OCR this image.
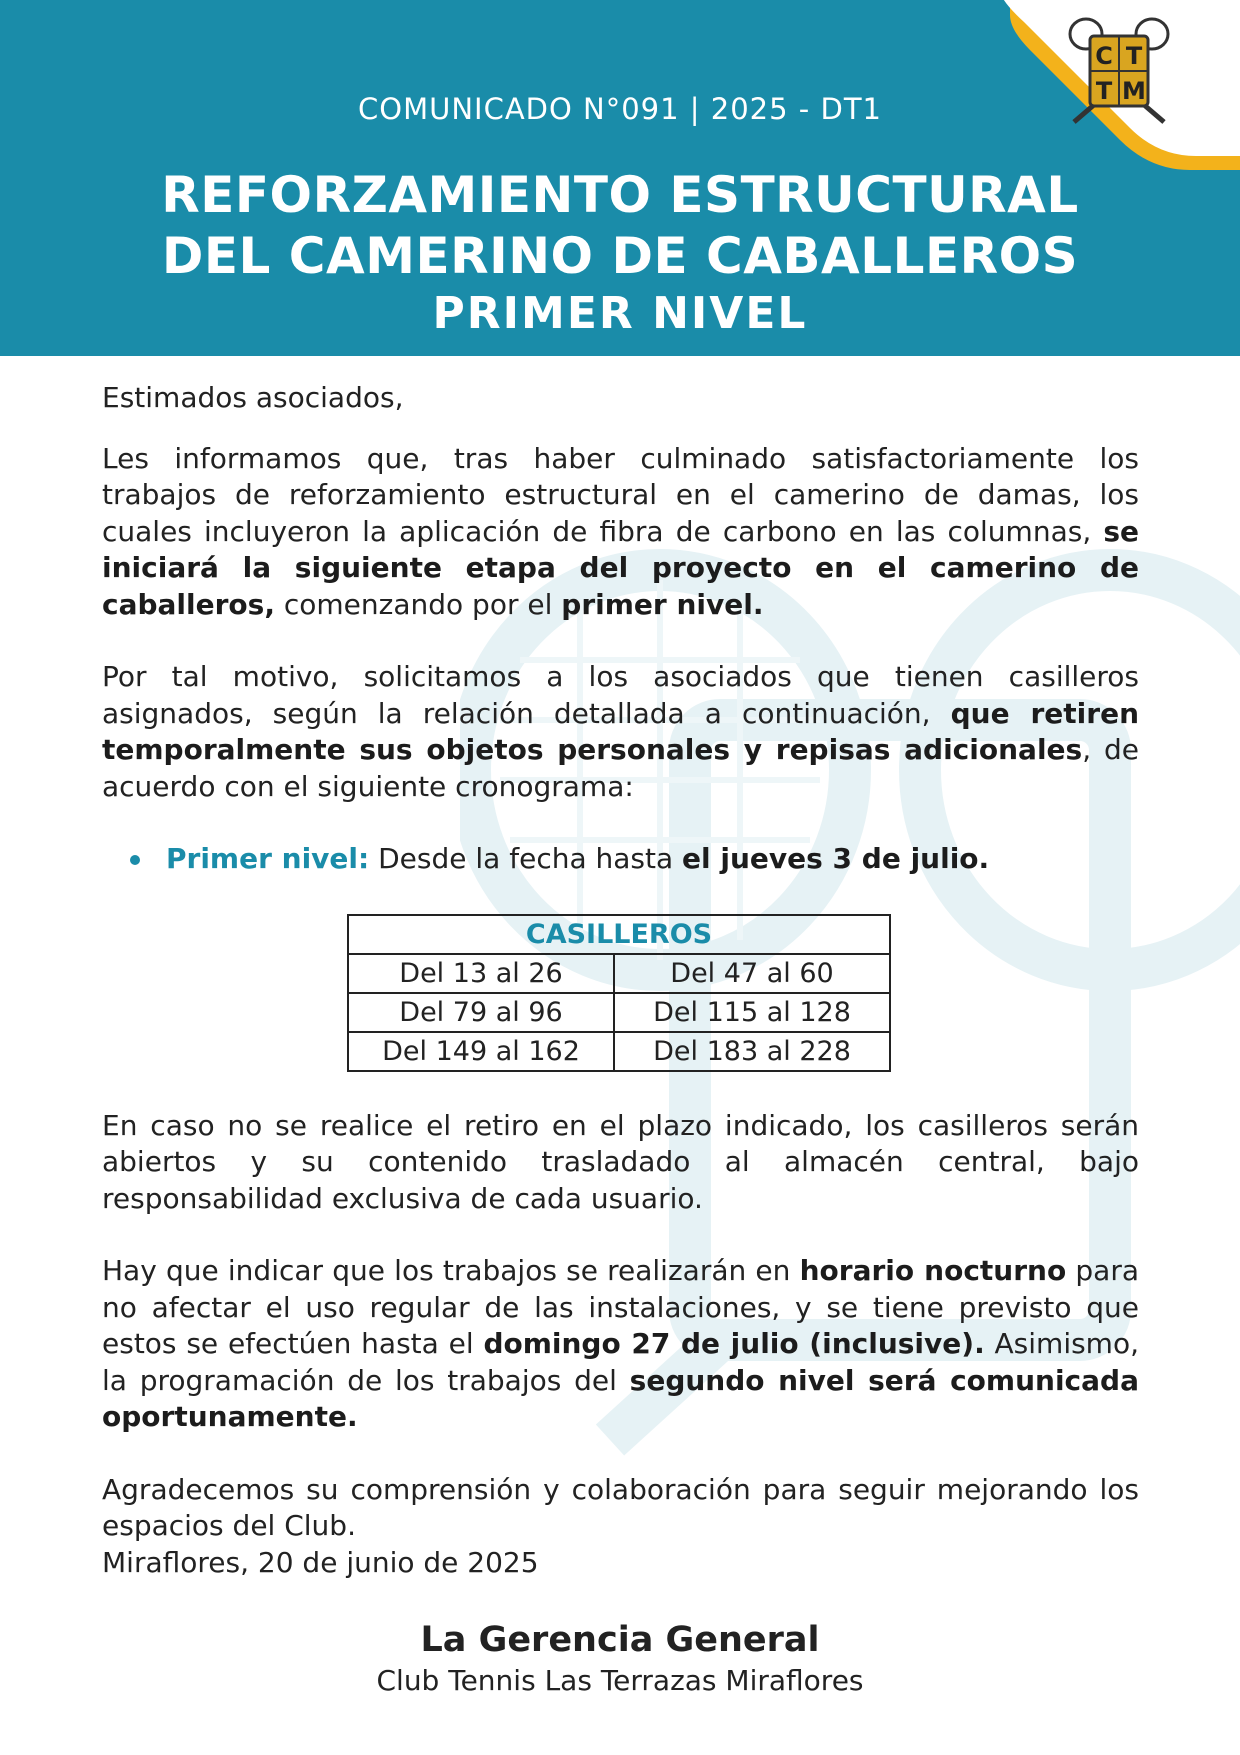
COMUNICADO N°091 | 2025 - DT1
REFORZAMIENTO ESTRUCTURAL
DEL CAMERINO DE CABALLEROS
PRIMER NIVEL
C T
T M

Estimados asociados,

Les informamos que, tras haber culminado satisfactoriamente los trabajos de reforzamiento estructural en el camerino de damas, los cuales incluyeron la aplicación de fibra de carbono en las columnas, se iniciará la siguiente etapa del proyecto en el camerino de caballeros, comenzando por el primer nivel.

Por tal motivo, solicitamos a los asociados que tienen casilleros asignados, según la relación detallada a continuación, que retiren temporalmente sus objetos personales y repisas adicionales, de acuerdo con el siguiente cronograma:

Primer nivel: Desde la fecha hasta el jueves 3 de julio.

CASILLEROS	
Del 13 al 26	Del 47 al 60
Del 79 al 96	Del 115 al 128
Del 149 al 162	Del 183 al 228

En caso no se realice el retiro en el plazo indicado, los casilleros serán abiertos y su contenido trasladado al almacén central, bajo responsabilidad exclusiva de cada usuario.

Hay que indicar que los trabajos se realizarán en horario nocturno para no afectar el uso regular de las instalaciones, y se tiene previsto que estos se efectúen hasta el domingo 27 de julio (inclusive). Asimismo, la programación de los trabajos del segundo nivel será comunicada oportunamente.

Agradecemos su comprensión y colaboración para seguir mejorando los espacios del Club.

Miraflores, 20 de junio de 2025

La Gerencia General
Club Tennis Las Terrazas Miraflores
